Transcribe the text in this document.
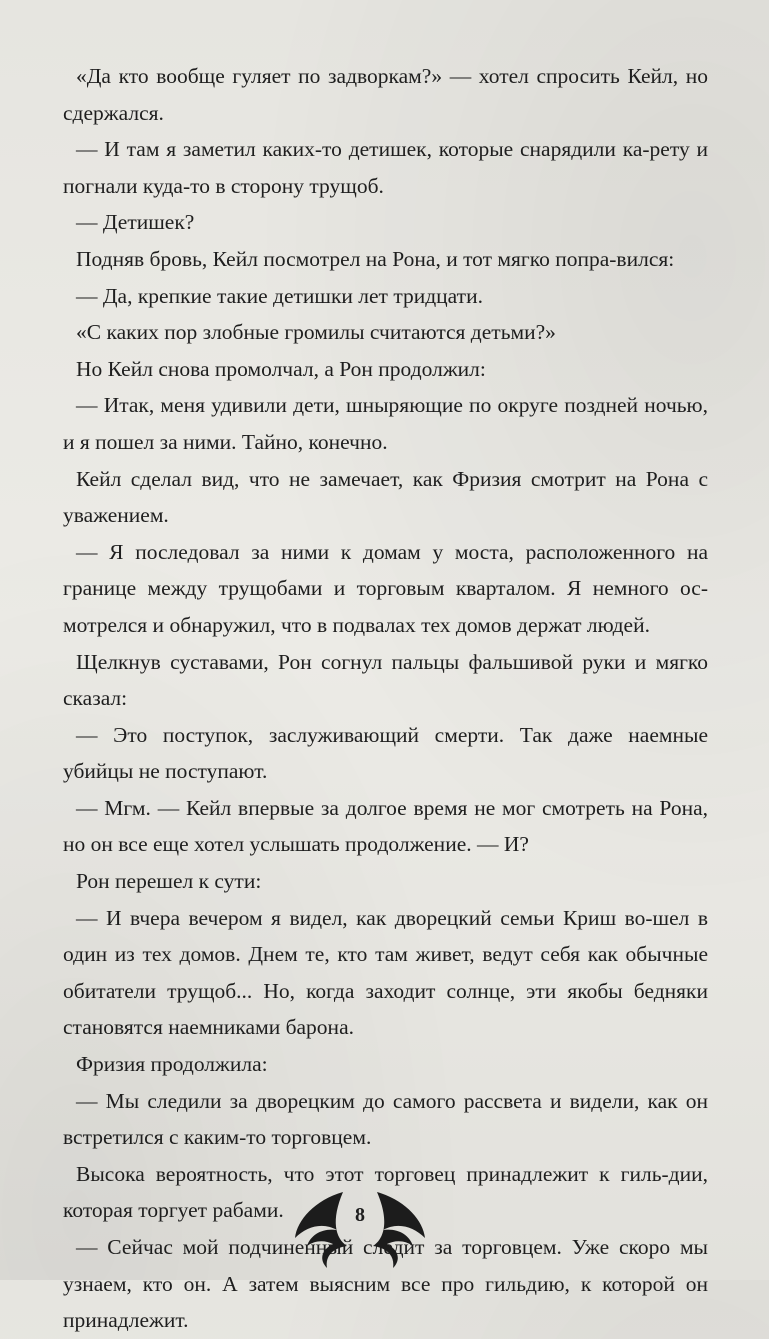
«Да кто вообще гуляет по задворкам?» — хотел спросить Кейл, но сдержался.

— И там я заметил каких-то детишек, которые снарядили ка-рету и погнали куда-то в сторону трущоб.

— Детишек?

Подняв бровь, Кейл посмотрел на Рона, и тот мягко попра-вился:

— Да, крепкие такие детишки лет тридцати.

«С каких пор злобные громилы считаются детьми?»

Но Кейл снова промолчал, а Рон продолжил:

— Итак, меня удивили дети, шныряющие по округе поздней ночью, и я пошел за ними. Тайно, конечно.

Кейл сделал вид, что не замечает, как Фризия смотрит на Рона с уважением.

— Я последовал за ними к домам у моста, расположенного на границе между трущобами и торговым кварталом. Я немного ос-мотрелся и обнаружил, что в подвалах тех домов держат людей.

Щелкнув суставами, Рон согнул пальцы фальшивой руки и мягко сказал:

— Это поступок, заслуживающий смерти. Так даже наемные убийцы не поступают.

— Мгм. — Кейл впервые за долгое время не мог смотреть на Рона, но он все еще хотел услышать продолжение. — И?

Рон перешел к сути:

— И вчера вечером я видел, как дворецкий семьи Криш во-шел в один из тех домов. Днем те, кто там живет, ведут себя как обычные обитатели трущоб... Но, когда заходит солнце, эти якобы бедняки становятся наемниками барона.

Фризия продолжила:

— Мы следили за дворецким до самого рассвета и видели, как он встретился с каким-то торговцем.

Высока вероятность, что этот торговец принадлежит к гиль-дии, которая торгует рабами.

— Сейчас мой подчиненный следит за торговцем. Уже скоро мы узнаем, кто он. А затем выясним все про гильдию, к которой он принадлежит.

8
